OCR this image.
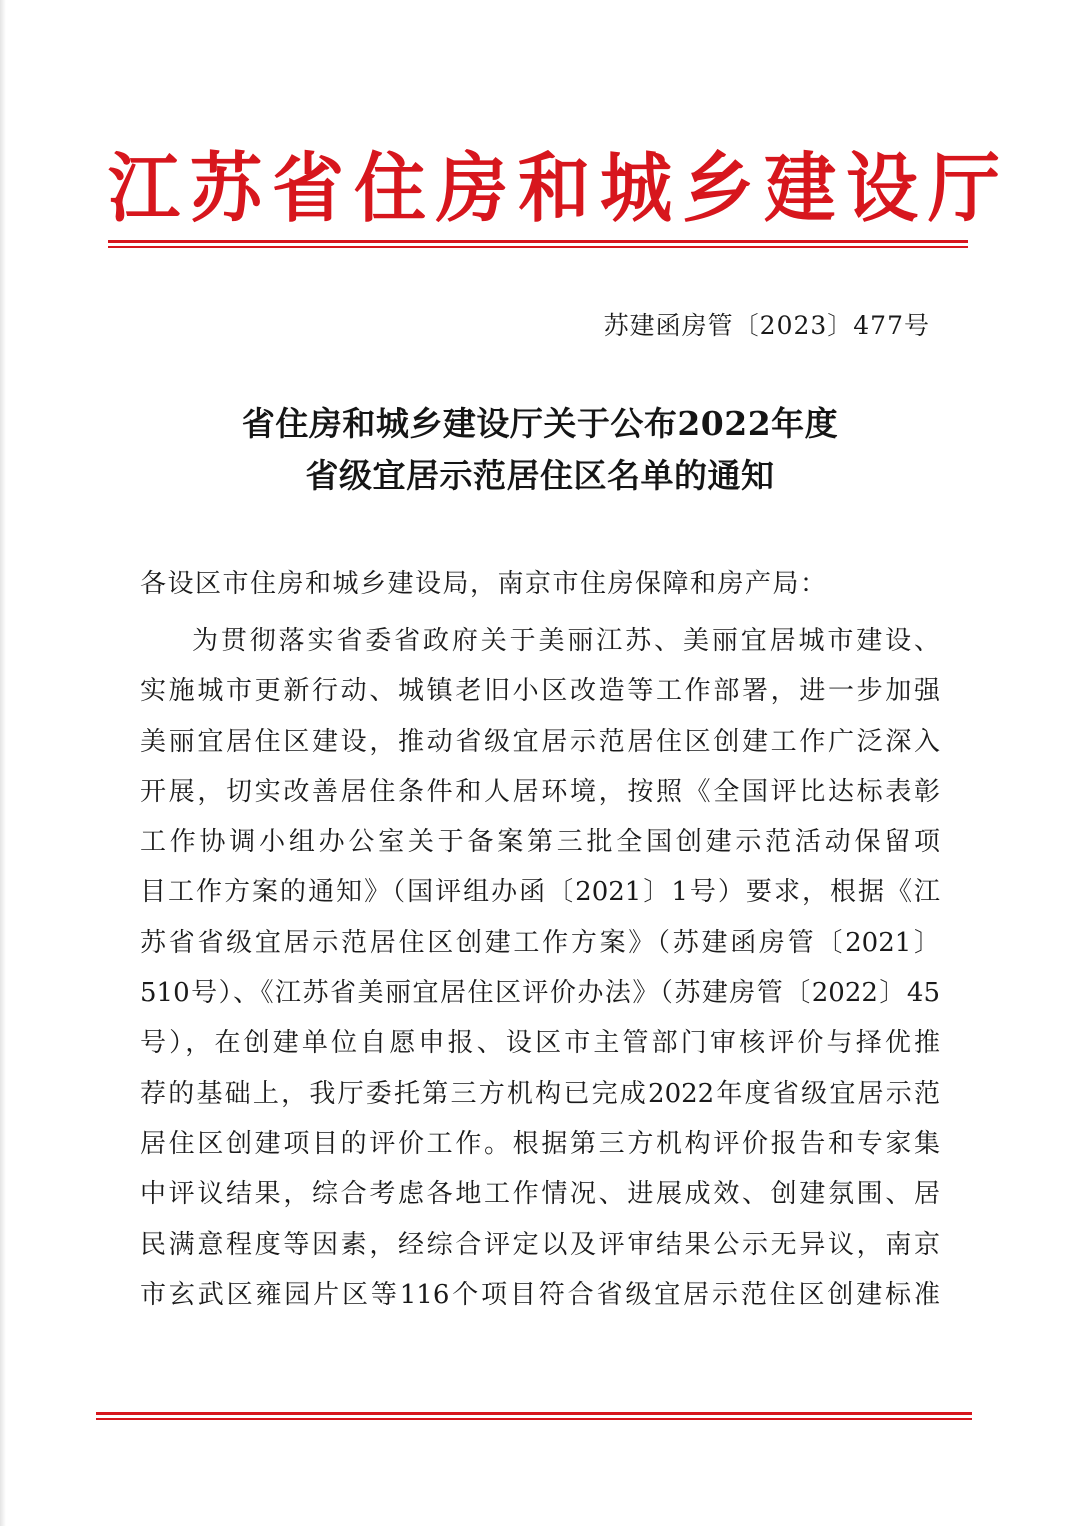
江苏省住房和城乡建设厅
苏建函房管〔2023〕477号
省住房和城乡建设厅关于公布2022年度
省级宜居示范居住区名单的通知
各设区市住房和城乡建设局，南京市住房保障和房产局：
为贯彻落实省委省政府关于美丽江苏、美丽宜居城市建设、
实施城市更新行动、城镇老旧小区改造等工作部署，进一步加强
美丽宜居住区建设，推动省级宜居示范居住区创建工作广泛深入
开展，切实改善居住条件和人居环境，按照《全国评比达标表彰
工作协调小组办公室关于备案第三批全国创建示范活动保留项
目工作方案的通知》（国评组办函〔2021〕1号）要求，根据《江
苏省省级宜居示范居住区创建工作方案》（苏建函房管〔2021〕
510号）、《江苏省美丽宜居住区评价办法》（苏建房管〔2022〕45
号），在创建单位自愿申报、设区市主管部门审核评价与择优推
荐的基础上，我厅委托第三方机构已完成2022年度省级宜居示范
居住区创建项目的评价工作。根据第三方机构评价报告和专家集
中评议结果，综合考虑各地工作情况、进展成效、创建氛围、居
民满意程度等因素，经综合评定以及评审结果公示无异议，南京
市玄武区雍园片区等116个项目符合省级宜居示范住区创建标准
